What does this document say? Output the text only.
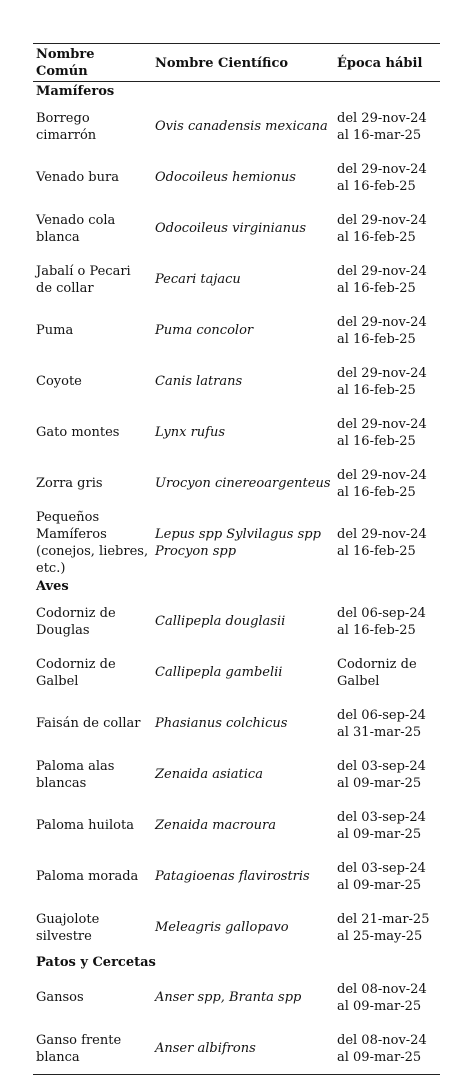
Nombre Común	Nombre Científico	Época hábil
Mamíferos		
Borrego cimarrón	Ovis canadensis mexicana	del 29-nov-24 al 16-mar-25
Venado bura	Odocoileus hemionus	del 29-nov-24 al 16-feb-25
Venado cola blanca	Odocoileus virginianus	del 29-nov-24 al 16-feb-25
Jabalí o Pecari de collar	Pecari tajacu	del 29-nov-24 al 16-feb-25
Puma	Puma concolor	del 29-nov-24 al 16-feb-25
Coyote	Canis latrans	del 29-nov-24 al 16-feb-25
Gato montes	Lynx rufus	del 29-nov-24 al 16-feb-25
Zorra gris	Urocyon cinereoargenteus	del 29-nov-24 al 16-feb-25
Pequeños Mamíferos (conejos, liebres, etc.)	Lepus spp Sylvilagus spp Procyon spp	del 29-nov-24 al 16-feb-25
Aves		
Codorniz de Douglas	Callipepla douglasii	del 06-sep-24 al 16-feb-25
Codorniz de Galbel	Callipepla gambelii	Codorniz de Galbel
Faisán de collar	Phasianus colchicus	del 06-sep-24 al 31-mar-25
Paloma alas blancas	Zenaida asiatica	del 03-sep-24 al 09-mar-25
Paloma huilota	Zenaida macroura	del 03-sep-24 al 09-mar-25
Paloma morada	Patagioenas flavirostris	del 03-sep-24 al 09-mar-25
Guajolote silvestre	Meleagris gallopavo	del 21-mar-25 al 25-may-25
Patos y Cercetas		
Gansos	Anser spp, Branta spp	del 08-nov-24 al 09-mar-25
Ganso frente blanca	Anser albifrons	del 08-nov-24 al 09-mar-25
